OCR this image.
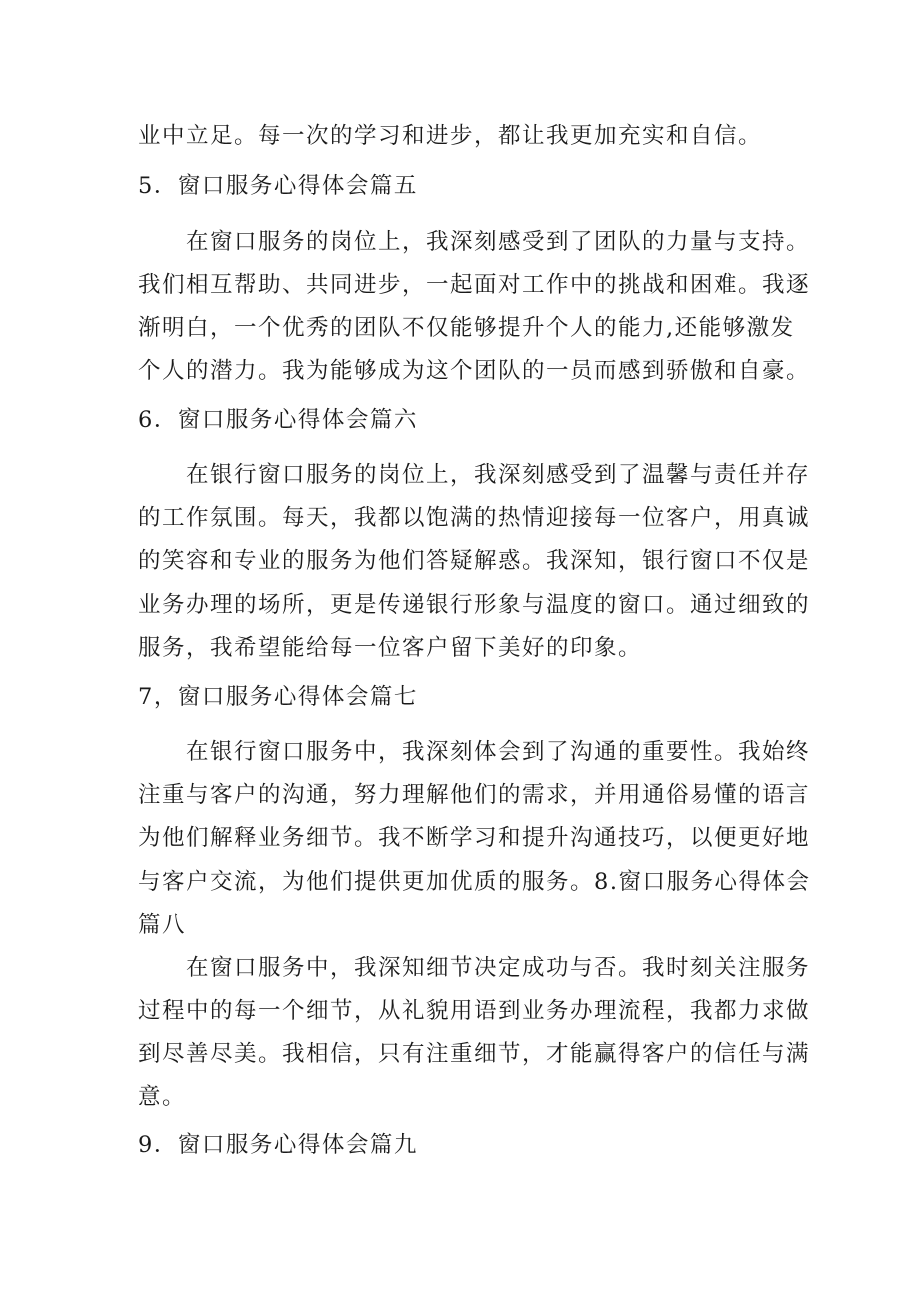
业中立足。每一次的学习和进步，都让我更加充实和自信。
5．窗口服务心得体会篇五
在窗口服务的岗位上，我深刻感受到了团队的力量与支持。
我们相互帮助、共同进步，一起面对工作中的挑战和困难。我逐
渐明白，一个优秀的团队不仅能够提升个人的能力,还能够激发
个人的潜力。我为能够成为这个团队的一员而感到骄傲和自豪。
6．窗口服务心得体会篇六
在银行窗口服务的岗位上，我深刻感受到了温馨与责任并存
的工作氛围。每天，我都以饱满的热情迎接每一位客户，用真诚
的笑容和专业的服务为他们答疑解惑。我深知，银行窗口不仅是
业务办理的场所，更是传递银行形象与温度的窗口。通过细致的
服务，我希望能给每一位客户留下美好的印象。
7，窗口服务心得体会篇七
在银行窗口服务中，我深刻体会到了沟通的重要性。我始终
注重与客户的沟通，努力理解他们的需求，并用通俗易懂的语言
为他们解释业务细节。我不断学习和提升沟通技巧，以便更好地
与客户交流，为他们提供更加优质的服务。8.窗口服务心得体会
篇八
在窗口服务中，我深知细节决定成功与否。我时刻关注服务
过程中的每一个细节，从礼貌用语到业务办理流程，我都力求做
到尽善尽美。我相信，只有注重细节，才能赢得客户的信任与满
意。
9．窗口服务心得体会篇九
